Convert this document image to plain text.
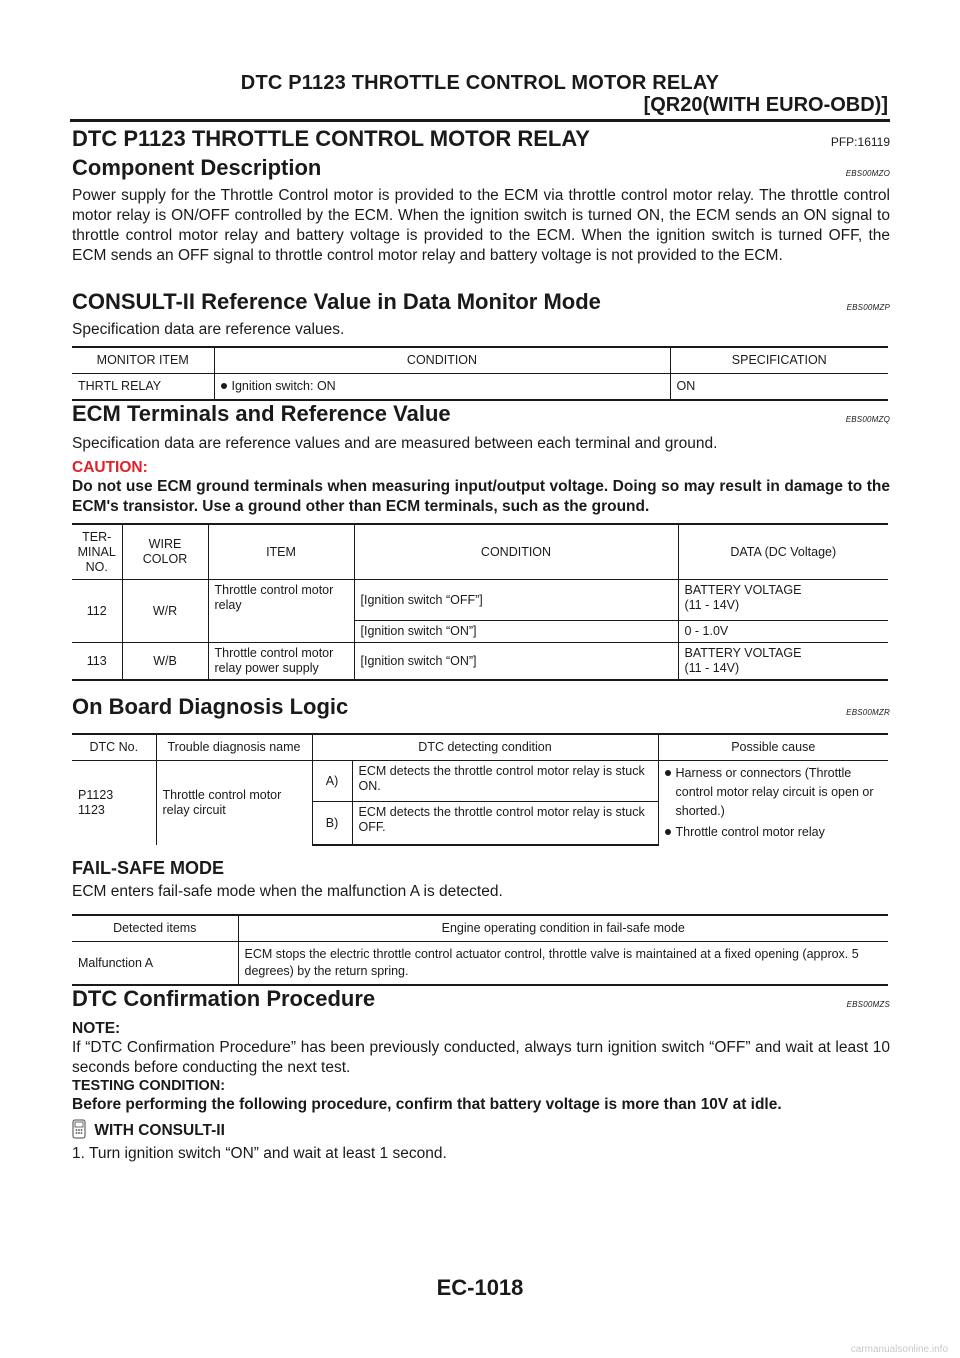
DTC P1123 THROTTLE CONTROL MOTOR RELAY
[QR20(WITH EURO-OBD)]
DTC P1123 THROTTLE CONTROL MOTOR RELAY	PFP:16119
Component Description	EBS00MZO
Power supply for the Throttle Control motor is provided to the ECM via throttle control motor relay. The throttle control motor relay is ON/OFF controlled by the ECM. When the ignition switch is turned ON, the ECM sends an ON signal to throttle control motor relay and battery voltage is provided to the ECM. When the ignition switch is turned OFF, the ECM sends an OFF signal to throttle control motor relay and battery voltage is not provided to the ECM.
CONSULT-II Reference Value in Data Monitor Mode	EBS00MZP
Specification data are reference values.
MONITOR ITEM	CONDITION	SPECIFICATION
THRTL RELAY	Ignition switch: ON	ON
ECM Terminals and Reference Value	EBS00MZQ
Specification data are reference values and are measured between each terminal and ground.
CAUTION:
Do not use ECM ground terminals when measuring input/output voltage. Doing so may result in damage to the ECM's transistor. Use a ground other than ECM terminals, such as the ground.
TER-
MINAL
NO.	WIRE
COLOR	ITEM	CONDITION	DATA (DC Voltage)
112	W/R	Throttle control motor relay	[Ignition switch “OFF”]	BATTERY VOLTAGE
(11 - 14V)
			[Ignition switch “ON”]	0 - 1.0V
113	W/B	Throttle control motor relay power supply	[Ignition switch “ON”]	BATTERY VOLTAGE
(11 - 14V)
On Board Diagnosis Logic	EBS00MZR
DTC No.	Trouble diagnosis name	DTC detecting condition		Possible cause
P1123
1123	Throttle control motor relay circuit	A)	ECM detects the throttle control motor relay is stuck ON.	Harness or connectors (Throttle control motor relay circuit is open or shorted.)
Throttle control motor relay

		B)	ECM detects the throttle control motor relay is stuck OFF.	
FAIL-SAFE MODE
ECM enters fail-safe mode when the malfunction A is detected.
Detected items	Engine operating condition in fail-safe mode
Malfunction A	ECM stops the electric throttle control actuator control, throttle valve is maintained at a fixed opening (approx. 5 degrees) by the return spring.
DTC Confirmation Procedure	EBS00MZS
NOTE:
If “DTC Confirmation Procedure” has been previously conducted, always turn ignition switch “OFF” and wait at least 10 seconds before conducting the next test.
TESTING CONDITION:
Before performing the following procedure, confirm that battery voltage is more than 10V at idle.
WITH CONSULT-II
1. Turn ignition switch “ON” and wait at least 1 second.
EC-1018
carmanualsonline.info
